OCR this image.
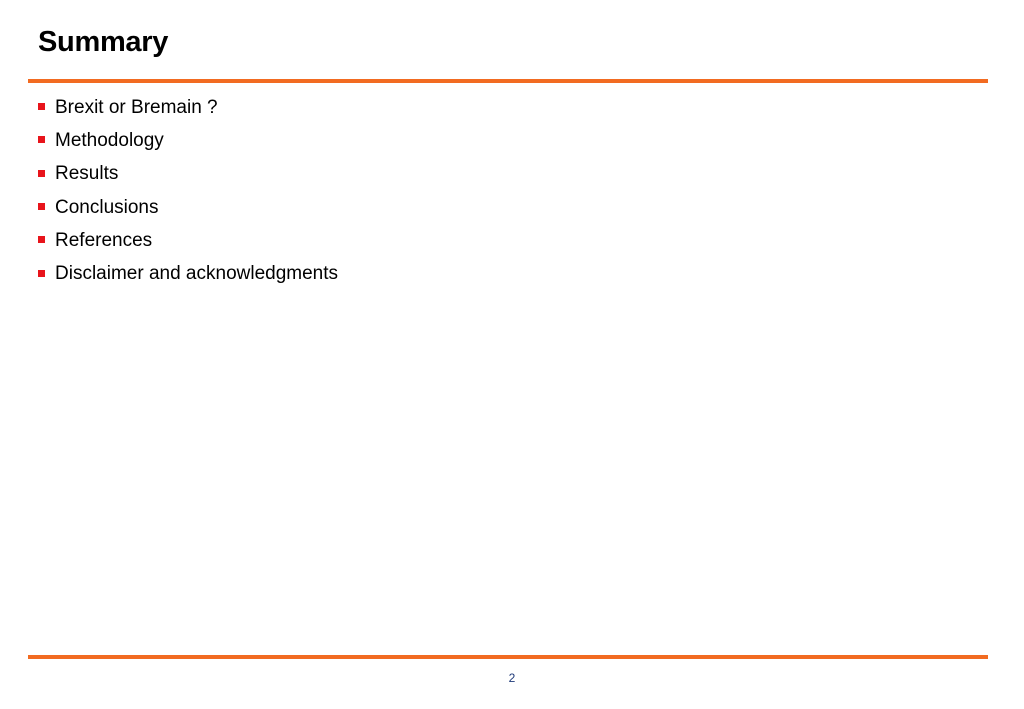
Summary
Brexit or Bremain ?
Methodology
Results
Conclusions
References
Disclaimer and acknowledgments
2
